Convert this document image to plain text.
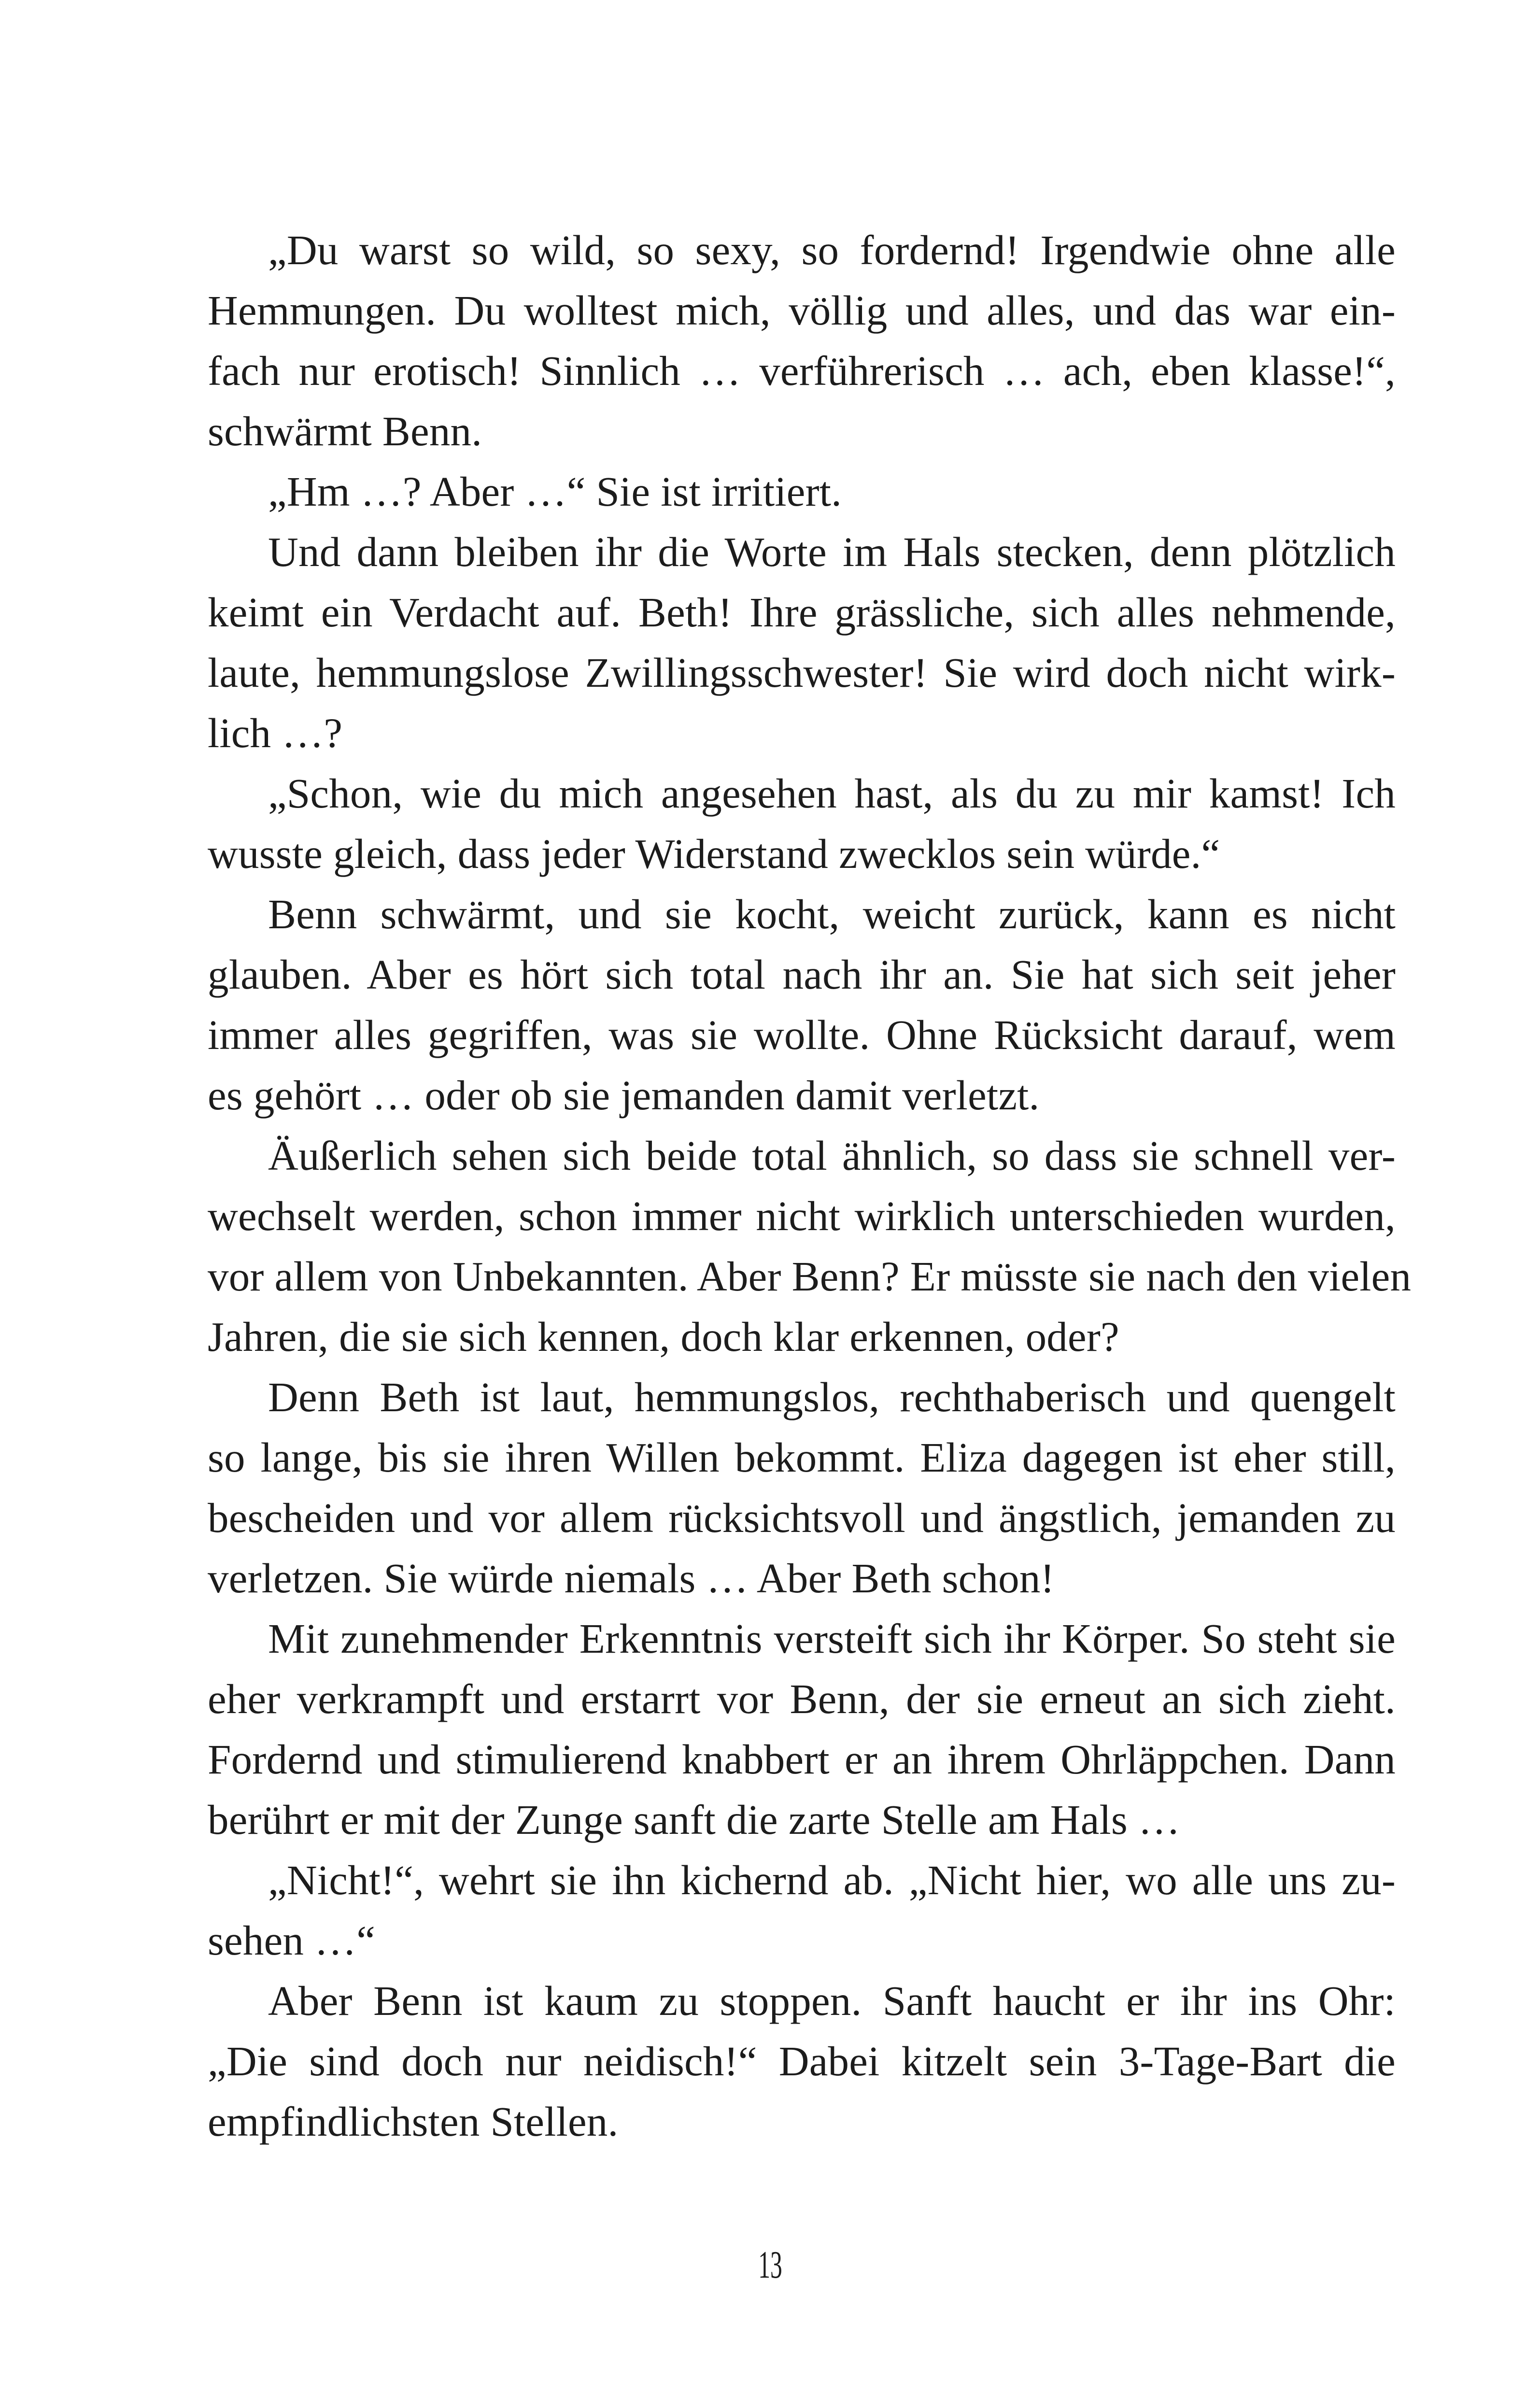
„Du warst so wild, so sexy, so fordernd! Irgendwie ohne alle
Hemmungen. Du wolltest mich, völlig und alles, und das war ein-
fach nur erotisch! Sinnlich … verführerisch … ach, eben klasse!“,
schwärmt Benn.
„Hm …? Aber …“ Sie ist irritiert.
Und dann bleiben ihr die Worte im Hals stecken, denn plötzlich
keimt ein Verdacht auf. Beth! Ihre grässliche, sich alles nehmende,
laute, hemmungslose Zwillingsschwester! Sie wird doch nicht wirk-
lich …?
„Schon, wie du mich angesehen hast, als du zu mir kamst! Ich
wusste gleich, dass jeder Widerstand zwecklos sein würde.“
Benn schwärmt, und sie kocht, weicht zurück, kann es nicht
glauben. Aber es hört sich total nach ihr an. Sie hat sich seit jeher
immer alles gegriffen, was sie wollte. Ohne Rücksicht darauf, wem
es gehört … oder ob sie jemanden damit verletzt.
Äußerlich sehen sich beide total ähnlich, so dass sie schnell ver-
wechselt werden, schon immer nicht wirklich unterschieden wurden,
vor allem von Unbekannten. Aber Benn? Er müsste sie nach den vielen
Jahren, die sie sich kennen, doch klar erkennen, oder?
Denn Beth ist laut, hemmungslos, rechthaberisch und quengelt
so lange, bis sie ihren Willen bekommt. Eliza dagegen ist eher still,
bescheiden und vor allem rücksichtsvoll und ängstlich, jemanden zu
verletzen. Sie würde niemals … Aber Beth schon!
Mit zunehmender Erkenntnis versteift sich ihr Körper. So steht sie
eher verkrampft und erstarrt vor Benn, der sie erneut an sich zieht.
Fordernd und stimulierend knabbert er an ihrem Ohrläppchen. Dann
berührt er mit der Zunge sanft die zarte Stelle am Hals …
„Nicht!“, wehrt sie ihn kichernd ab. „Nicht hier, wo alle uns zu-
sehen …“
Aber Benn ist kaum zu stoppen. Sanft haucht er ihr ins Ohr:
„Die sind doch nur neidisch!“ Dabei kitzelt sein 3-Tage-Bart die
empfindlichsten Stellen.
13
